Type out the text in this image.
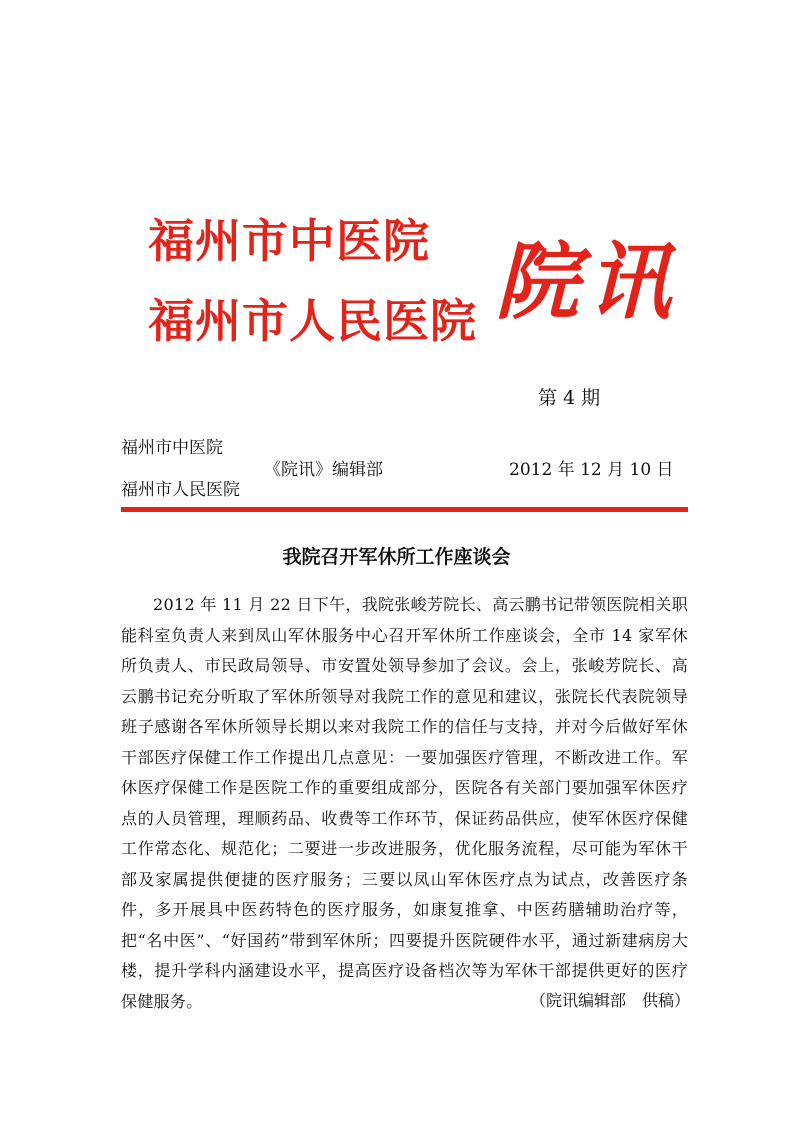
福州市中医院
福州市人民医院 院讯
第 4 期
福州市中医院
福州市人民医院
《院讯》编辑部	2012 年 12 月 10 日
我院召开军休所工作座谈会
2012 年 11 月 22 日下午，我院张峻芳院长、高云鹏书记带领医院相关职能科室负责人来到凤山军休服务中心召开军休所工作座谈会，全市 14 家军休所负责人、市民政局领导、市安置处领导参加了会议。会上，张峻芳院长、高云鹏书记充分听取了军休所领导对我院工作的意见和建议，张院长代表院领导班子感谢各军休所领导长期以来对我院工作的信任与支持，并对今后做好军休干部医疗保健工作工作提出几点意见：一要加强医疗管理，不断改进工作。军休医疗保健工作是医院工作的重要组成部分，医院各有关部门要加强军休医疗点的人员管理，理顺药品、收费等工作环节，保证药品供应，使军休医疗保健工作常态化、规范化；二要进一步改进服务，优化服务流程，尽可能为军休干部及家属提供便捷的医疗服务；三要以凤山军休医疗点为试点，改善医疗条件，多开展具中医药特色的医疗服务，如康复推拿、中医药膳辅助治疗等，把“名中医”、“好国药”带到军休所；四要提升医院硬件水平，通过新建病房大楼，提升学科内涵建设水平，提高医疗设备档次等为军休干部提供更好的医疗保健服务。	（院讯编辑部　供稿）
